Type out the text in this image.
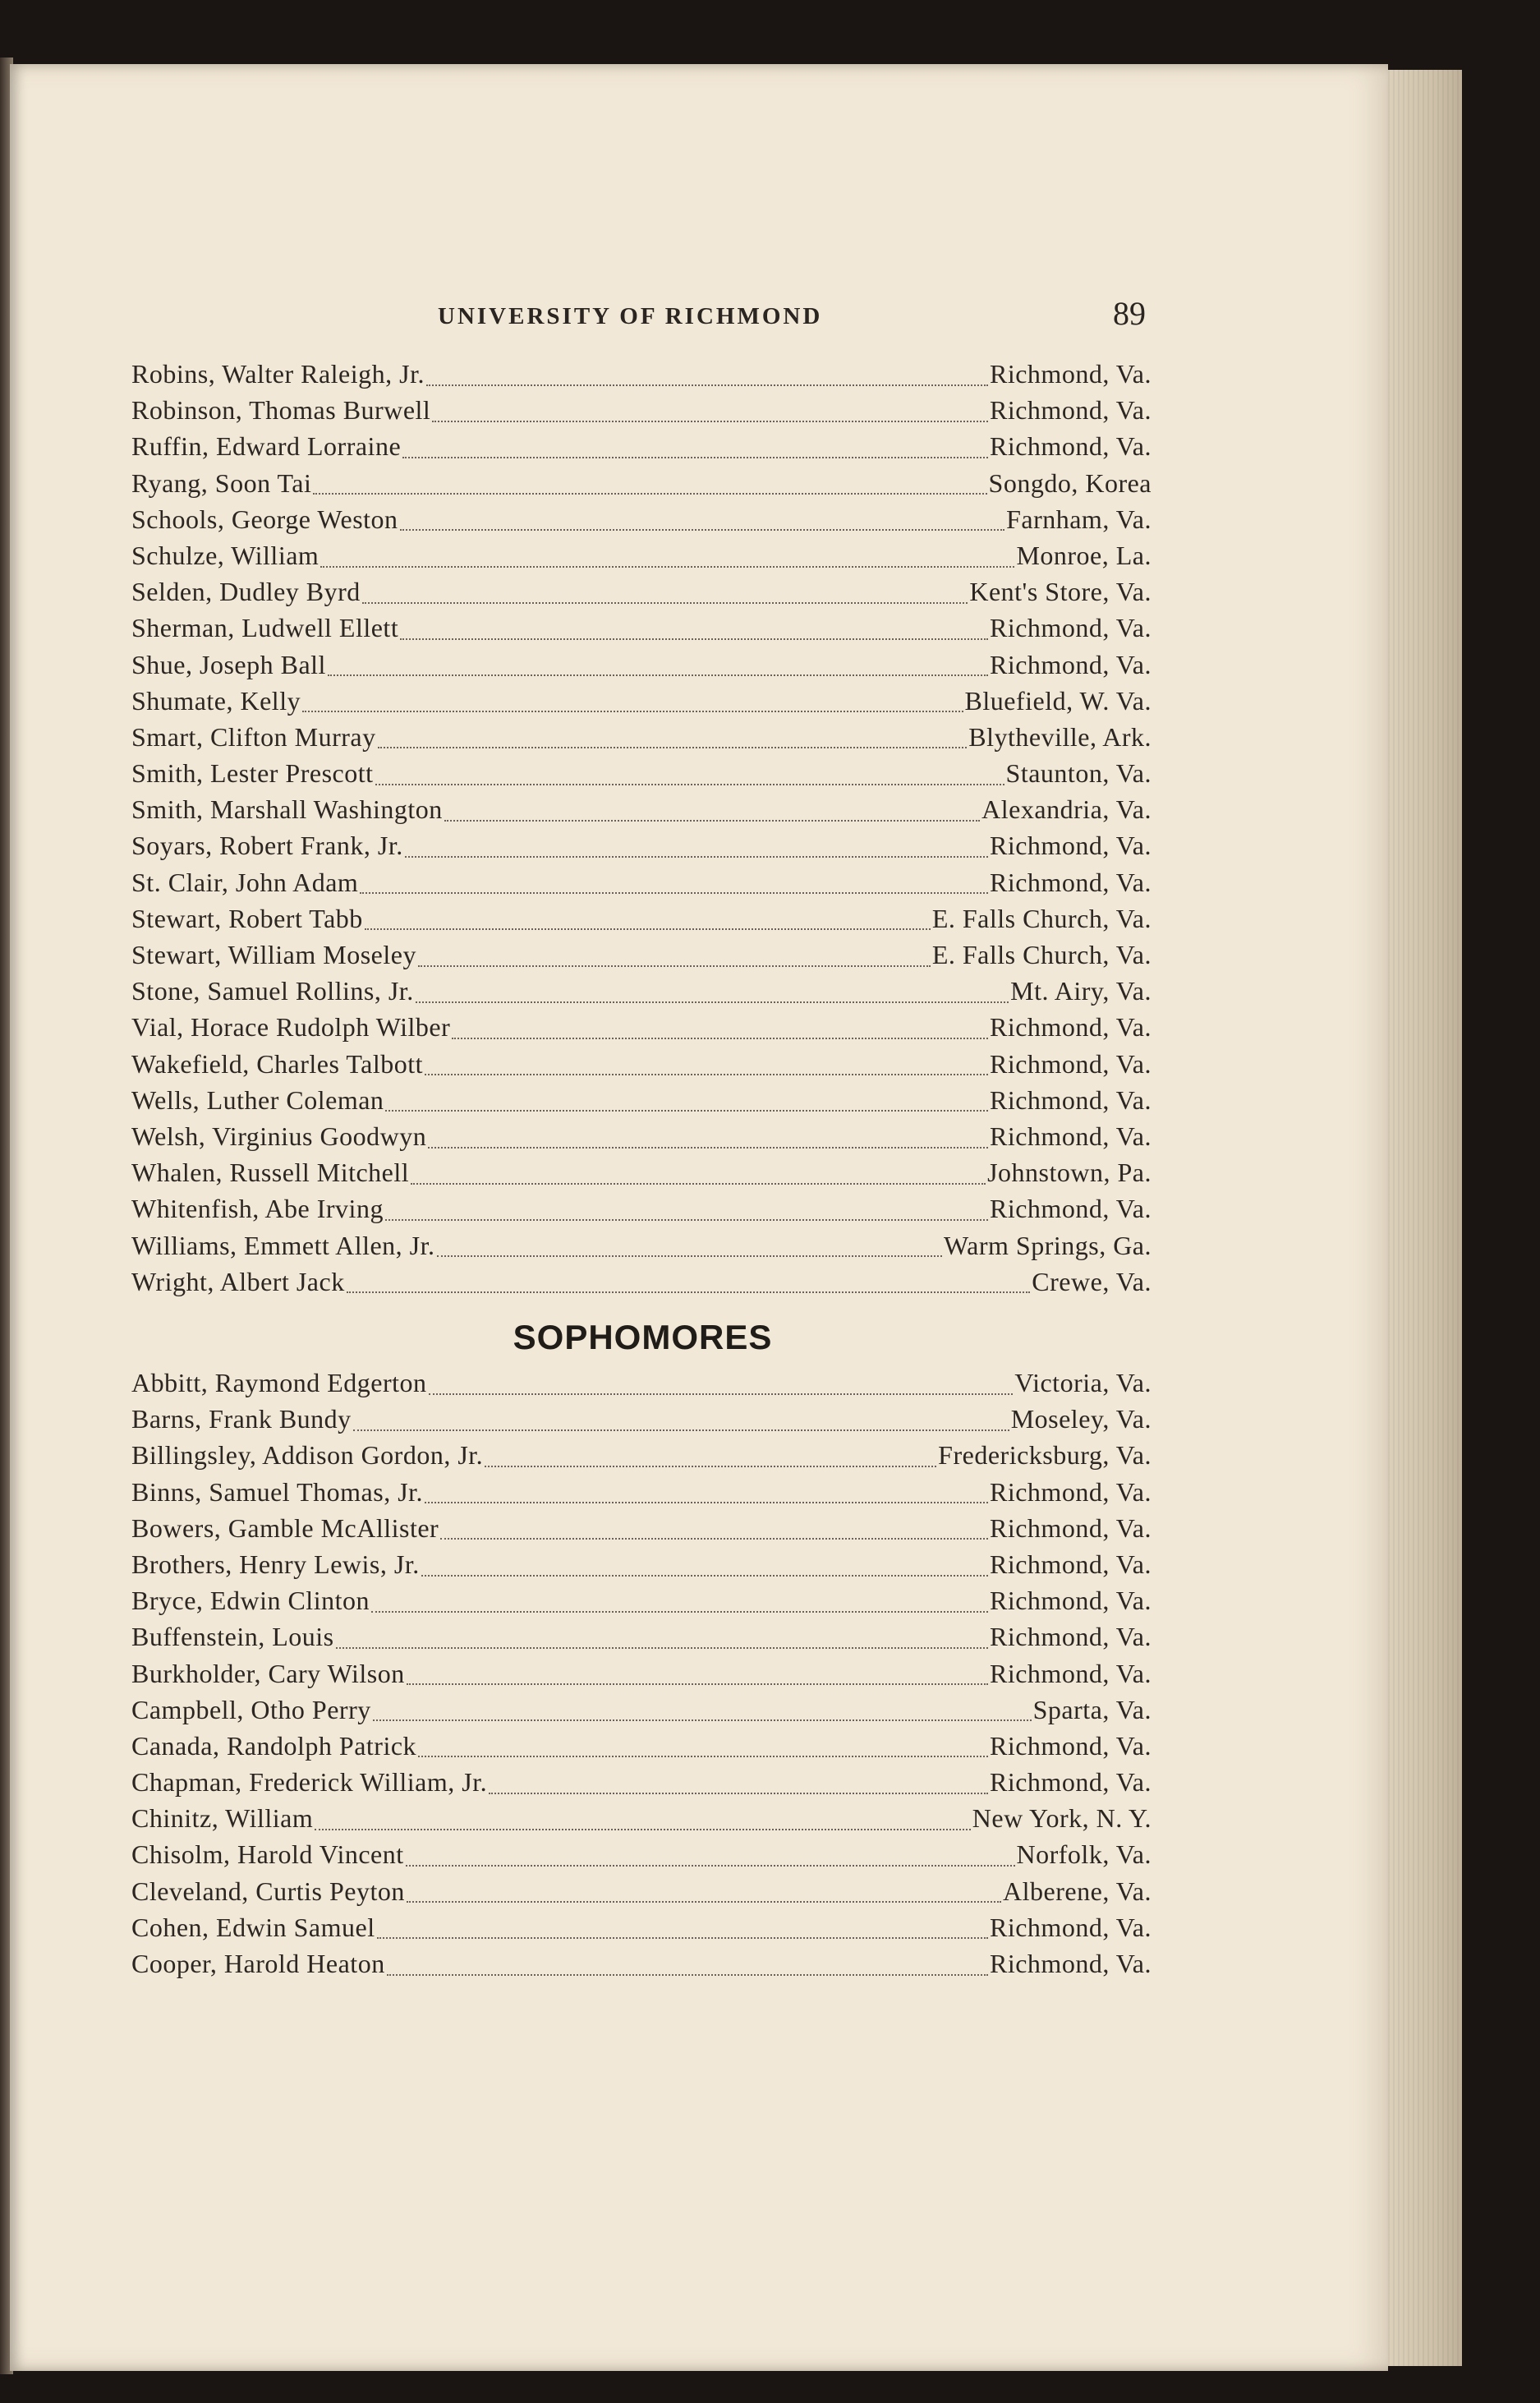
UNIVERSITY OF RICHMOND	89
Robins, Walter Raleigh, Jr.	Richmond, Va.
Robinson, Thomas Burwell	Richmond, Va.
Ruffin, Edward Lorraine	Richmond, Va.
Ryang, Soon Tai	Songdo, Korea
Schools, George Weston	Farnham, Va.
Schulze, William	Monroe, La.
Selden, Dudley Byrd	Kent's Store, Va.
Sherman, Ludwell Ellett	Richmond, Va.
Shue, Joseph Ball	Richmond, Va.
Shumate, Kelly	Bluefield, W. Va.
Smart, Clifton Murray	Blytheville, Ark.
Smith, Lester Prescott	Staunton, Va.
Smith, Marshall Washington	Alexandria, Va.
Soyars, Robert Frank, Jr.	Richmond, Va.
St. Clair, John Adam	Richmond, Va.
Stewart, Robert Tabb	E. Falls Church, Va.
Stewart, William Moseley	E. Falls Church, Va.
Stone, Samuel Rollins, Jr.	Mt. Airy, Va.
Vial, Horace Rudolph Wilber	Richmond, Va.
Wakefield, Charles Talbott	Richmond, Va.
Wells, Luther Coleman	Richmond, Va.
Welsh, Virginius Goodwyn	Richmond, Va.
Whalen, Russell Mitchell	Johnstown, Pa.
Whitenfish, Abe Irving	Richmond, Va.
Williams, Emmett Allen, Jr.	Warm Springs, Ga.
Wright, Albert Jack	Crewe, Va.
SOPHOMORES
Abbitt, Raymond Edgerton	Victoria, Va.
Barns, Frank Bundy	Moseley, Va.
Billingsley, Addison Gordon, Jr.	Fredericksburg, Va.
Binns, Samuel Thomas, Jr.	Richmond, Va.
Bowers, Gamble McAllister	Richmond, Va.
Brothers, Henry Lewis, Jr.	Richmond, Va.
Bryce, Edwin Clinton	Richmond, Va.
Buffenstein, Louis	Richmond, Va.
Burkholder, Cary Wilson	Richmond, Va.
Campbell, Otho Perry	Sparta, Va.
Canada, Randolph Patrick	Richmond, Va.
Chapman, Frederick William, Jr.	Richmond, Va.
Chinitz, William	New York, N. Y.
Chisolm, Harold Vincent	Norfolk, Va.
Cleveland, Curtis Peyton	Alberene, Va.
Cohen, Edwin Samuel	Richmond, Va.
Cooper, Harold Heaton	Richmond, Va.
